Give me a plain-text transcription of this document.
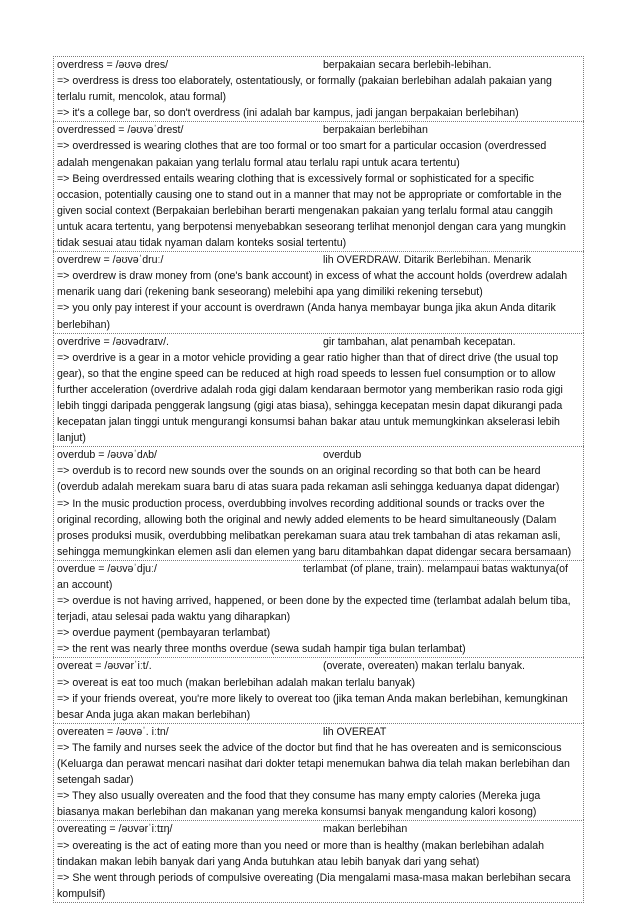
overdress = /əʊvə dres/	berpakaian secara berlebih-lebihan.
=> overdress is dress too elaborately, ostentatiously, or formally (pakaian berlebihan adalah pakaian yang terlalu rumit, mencolok, atau formal)
=> it's a college bar, so don't overdress (ini adalah bar kampus, jadi jangan berpakaian berlebihan)
overdressed = /əʊvəˈdrest/	berpakaian berlebihan
=> overdressed is wearing clothes that are too formal or too smart for a particular occasion (overdressed adalah mengenakan pakaian yang terlalu formal atau terlalu rapi untuk acara tertentu)
=> Being overdressed entails wearing clothing that is excessively formal or sophisticated for a specific occasion, potentially causing one to stand out in a manner that may not be appropriate or comfortable in the given social context (Berpakaian berlebihan berarti mengenakan pakaian yang terlalu formal atau canggih untuk acara tertentu, yang berpotensi menyebabkan seseorang terlihat menonjol dengan cara yang mungkin tidak sesuai atau tidak nyaman dalam konteks sosial tertentu)
overdrew = /əʊvəˈdruː/	lih OVERDRAW. Ditarik Berlebihan. Menarik
=> overdrew is draw money from (one's bank account) in excess of what the account holds (overdrew adalah menarik uang dari (rekening bank seseorang) melebihi apa yang dimiliki rekening tersebut)
=> you only pay interest if your account is overdrawn (Anda hanya membayar bunga jika akun Anda ditarik berlebihan)
overdrive = /əʊvədraɪv/.	gir tambahan, alat penambah kecepatan.
=> overdrive is a gear in a motor vehicle providing a gear ratio higher than that of direct drive (the usual top gear), so that the engine speed can be reduced at high road speeds to lessen fuel consumption or to allow further acceleration (overdrive adalah roda gigi dalam kendaraan bermotor yang memberikan rasio roda gigi lebih tinggi daripada penggerak langsung (gigi atas biasa), sehingga kecepatan mesin dapat dikurangi pada kecepatan jalan tinggi untuk mengurangi konsumsi bahan bakar atau untuk memungkinkan akselerasi lebih lanjut)
overdub = /əʊvəˈdʌb/	overdub
=> overdub is to record new sounds over the sounds on an original recording so that both can be heard (overdub adalah merekam suara baru di atas suara pada rekaman asli sehingga keduanya dapat didengar)
=> In the music production process, overdubbing involves recording additional sounds or tracks over the original recording, allowing both the original and newly added elements to be heard simultaneously (Dalam proses produksi musik, overdubbing melibatkan perekaman suara atau trek tambahan di atas rekaman asli, sehingga memungkinkan elemen asli dan elemen yang baru ditambahkan dapat didengar secara bersamaan)
overdue = /əʊvəˈdjuː/	terlambat (of plane, train). melampaui batas waktunya(of an account)
=> overdue is not having arrived, happened, or been done by the expected time (terlambat adalah belum tiba, terjadi, atau selesai pada waktu yang diharapkan)
=> overdue payment (pembayaran terlambat)
=> the rent was nearly three months overdue (sewa sudah hampir tiga bulan terlambat)
overeat = /əʊvərˈiːt/.	(overate, overeaten) makan terlalu banyak.
=> overeat is eat too much (makan berlebihan adalah makan terlalu banyak)
=> if your friends overeat, you're more likely to overeat too (jika teman Anda makan berlebihan, kemungkinan besar Anda juga akan makan berlebihan)
overeaten = /əʊvəˈ. iːtn/	lih OVEREAT
=> The family and nurses seek the advice of the doctor but find that he has overeaten and is semiconscious (Keluarga dan perawat mencari nasihat dari dokter tetapi menemukan bahwa dia telah makan berlebihan dan setengah sadar)
=> They also usually overeaten and the food that they consume has many empty calories (Mereka juga biasanya makan berlebihan dan makanan yang mereka konsumsi banyak mengandung kalori kosong)
overeating = /əʊvərˈiːtɪŋ/	makan berlebihan
=> overeating is the act of eating more than you need or more than is healthy (makan berlebihan adalah tindakan makan lebih banyak dari yang Anda butuhkan atau lebih banyak dari yang sehat)
=> She went through periods of compulsive overeating (Dia mengalami masa-masa makan berlebihan secara kompulsif)
